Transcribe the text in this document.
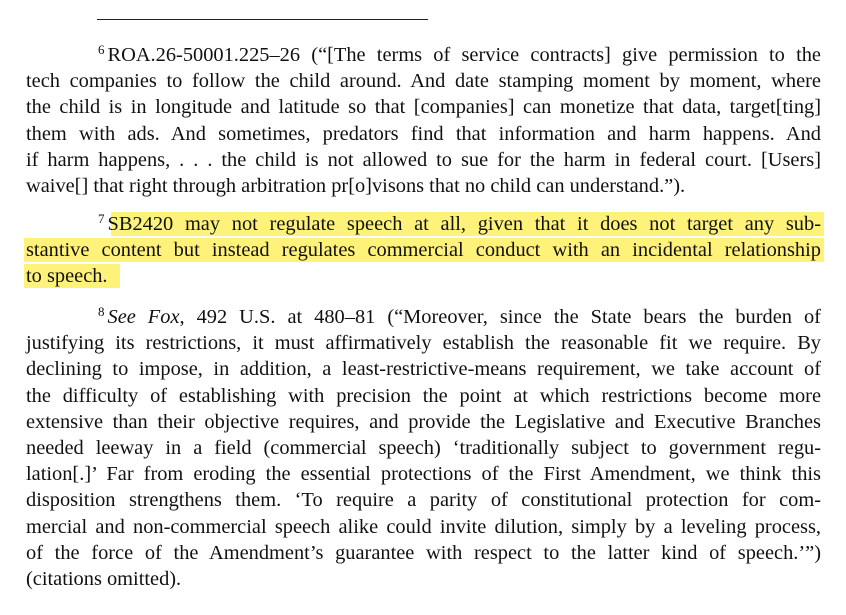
$^6$ ROA.26-50001.225–26 (“[The terms of service contracts] give permission to the
tech companies to follow the child around. And date stamping moment by moment, where
the child is in longitude and latitude so that [companies] can monetize that data, target[ting]
them with ads. And sometimes, predators find that information and harm happens. And
if harm happens, . . . the child is not allowed to sue for the harm in federal court. [Users]
waive[] that right through arbitration pr[o]visons that no child can understand.”).
$^7$ SB2420 may not regulate speech at all, given that it does not target any sub-
stantive content but instead regulates commercial conduct with an incidental relationship
to speech.
$^8$ See Fox, 492 U.S. at 480–81 (“Moreover, since the State bears the burden of
justifying its restrictions, it must affirmatively establish the reasonable fit we require. By
declining to impose, in addition, a least-restrictive-means requirement, we take account of
the difficulty of establishing with precision the point at which restrictions become more
extensive than their objective requires, and provide the Legislative and Executive Branches
needed leeway in a field (commercial speech) ‘traditionally subject to government regu-
lation[.]’ Far from eroding the essential protections of the First Amendment, we think this
disposition strengthens them. ‘To require a parity of constitutional protection for com-
mercial and non-commercial speech alike could invite dilution, simply by a leveling process,
of the force of the Amendment’s guarantee with respect to the latter kind of speech.’”)
(citations omitted).
